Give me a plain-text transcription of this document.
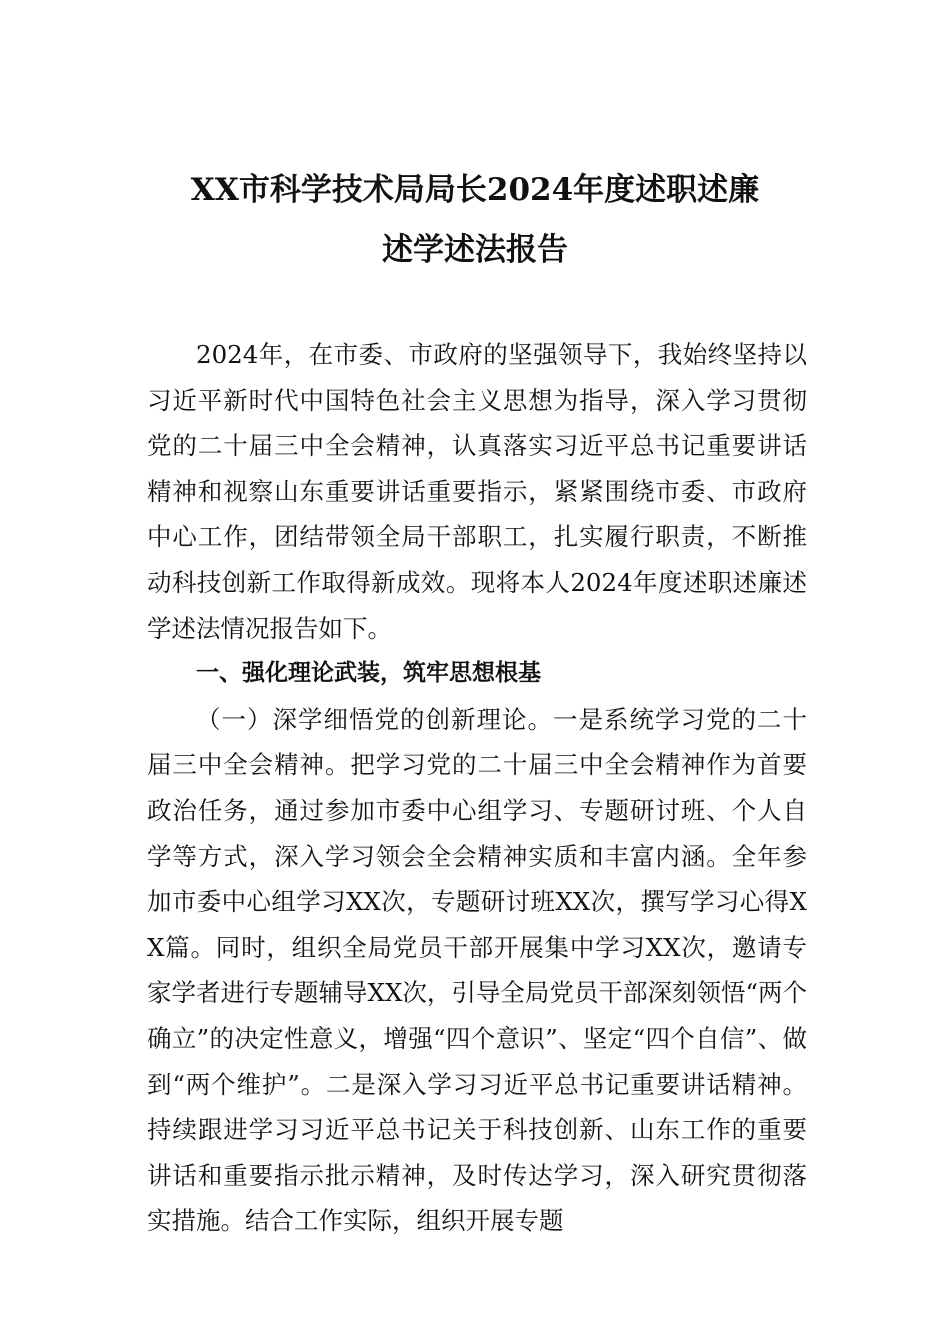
XX市科学技术局局长2024年度述职述廉
述学述法报告

2024年，在市委、市政府的坚强领导下，我始终坚持以习近平新时代中国特色社会主义思想为指导，深入学习贯彻党的二十届三中全会精神，认真落实习近平总书记重要讲话精神和视察山东重要讲话重要指示，紧紧围绕市委、市政府中心工作，团结带领全局干部职工，扎实履行职责，不断推动科技创新工作取得新成效。现将本人2024年度述职述廉述学述法情况报告如下。

一、强化理论武装，筑牢思想根基

（一）深学细悟党的创新理论。一是系统学习党的二十届三中全会精神。把学习党的二十届三中全会精神作为首要政治任务，通过参加市委中心组学习、专题研讨班、个人自学等方式，深入学习领会全会精神实质和丰富内涵。全年参加市委中心组学习XX次，专题研讨班XX次，撰写学习心得XX篇。同时，组织全局党员干部开展集中学习XX次，邀请专家学者进行专题辅导XX次，引导全局党员干部深刻领悟“两个确立”的决定性意义，增强“四个意识”、坚定“四个自信”、做到“两个维护”。二是深入学习习近平总书记重要讲话精神。持续跟进学习习近平总书记关于科技创新、山东工作的重要讲话和重要指示批示精神，及时传达学习，深入研究贯彻落实措施。结合工作实际，组织开展专题
